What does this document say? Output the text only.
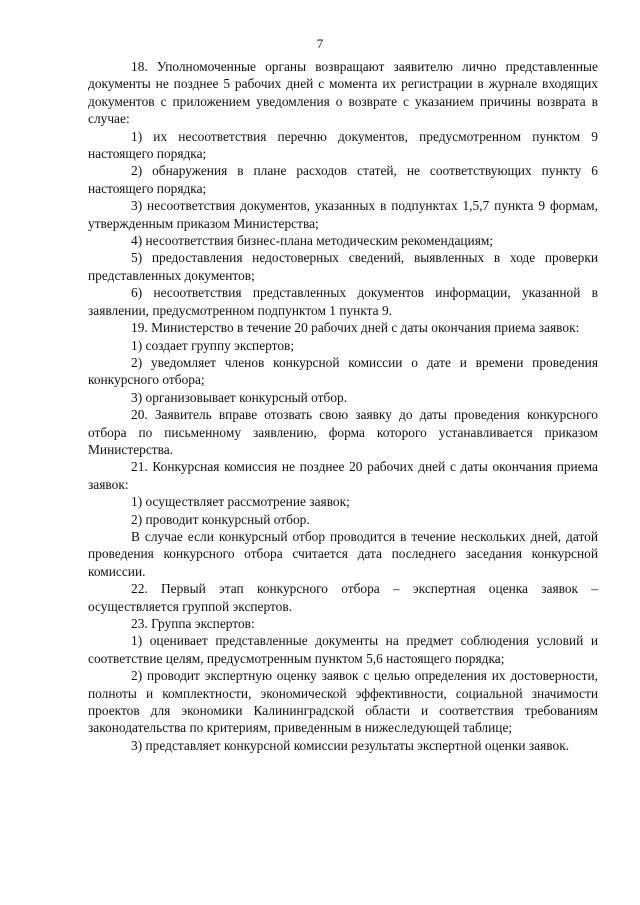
7

18. Уполномоченные органы возвращают заявителю лично представленные документы не позднее 5 рабочих дней с момента их регистрации в журнале входящих документов с приложением уведомления о возврате с указанием причины возврата в случае:

1) их несоответствия перечню документов, предусмотренном пунктом 9 настоящего порядка;

2) обнаружения в плане расходов статей, не соответствующих пункту 6 настоящего порядка;

3) несоответствия документов, указанных в подпунктах 1,5,7 пункта 9 формам, утвержденным приказом Министерства;

4) несоответствия бизнес-плана методическим рекомендациям;

5) предоставления недостоверных сведений, выявленных в ходе проверки представленных документов;

6) несоответствия представленных документов информации, указанной в заявлении, предусмотренном подпунктом 1 пункта 9.

19. Министерство в течение 20 рабочих дней с даты окончания приема заявок:

1) создает группу экспертов;

2) уведомляет членов конкурсной комиссии о дате и времени проведения конкурсного отбора;

3) организовывает конкурсный отбор.

20. Заявитель вправе отозвать свою заявку до даты проведения конкурсного отбора по письменному заявлению, форма которого устанавливается приказом Министерства.

21. Конкурсная комиссия не позднее 20 рабочих дней с даты окончания приема заявок:

1) осуществляет рассмотрение заявок;

2) проводит конкурсный отбор.

В случае если конкурсный отбор проводится в течение нескольких дней, датой проведения конкурсного отбора считается дата последнего заседания конкурсной комиссии.

22. Первый этап конкурсного отбора – экспертная оценка заявок – осуществляется группой экспертов.

23. Группа экспертов:

1) оценивает представленные документы на предмет соблюдения условий и соответствие целям, предусмотренным пунктом 5,6 настоящего порядка;

2) проводит экспертную оценку заявок с целью определения их достоверности, полноты и комплектности, экономической эффективности, социальной значимости проектов для экономики Калининградской области и соответствия требованиям законодательства по критериям, приведенным в нижеследующей таблице;

3) представляет конкурсной комиссии результаты экспертной оценки заявок.
